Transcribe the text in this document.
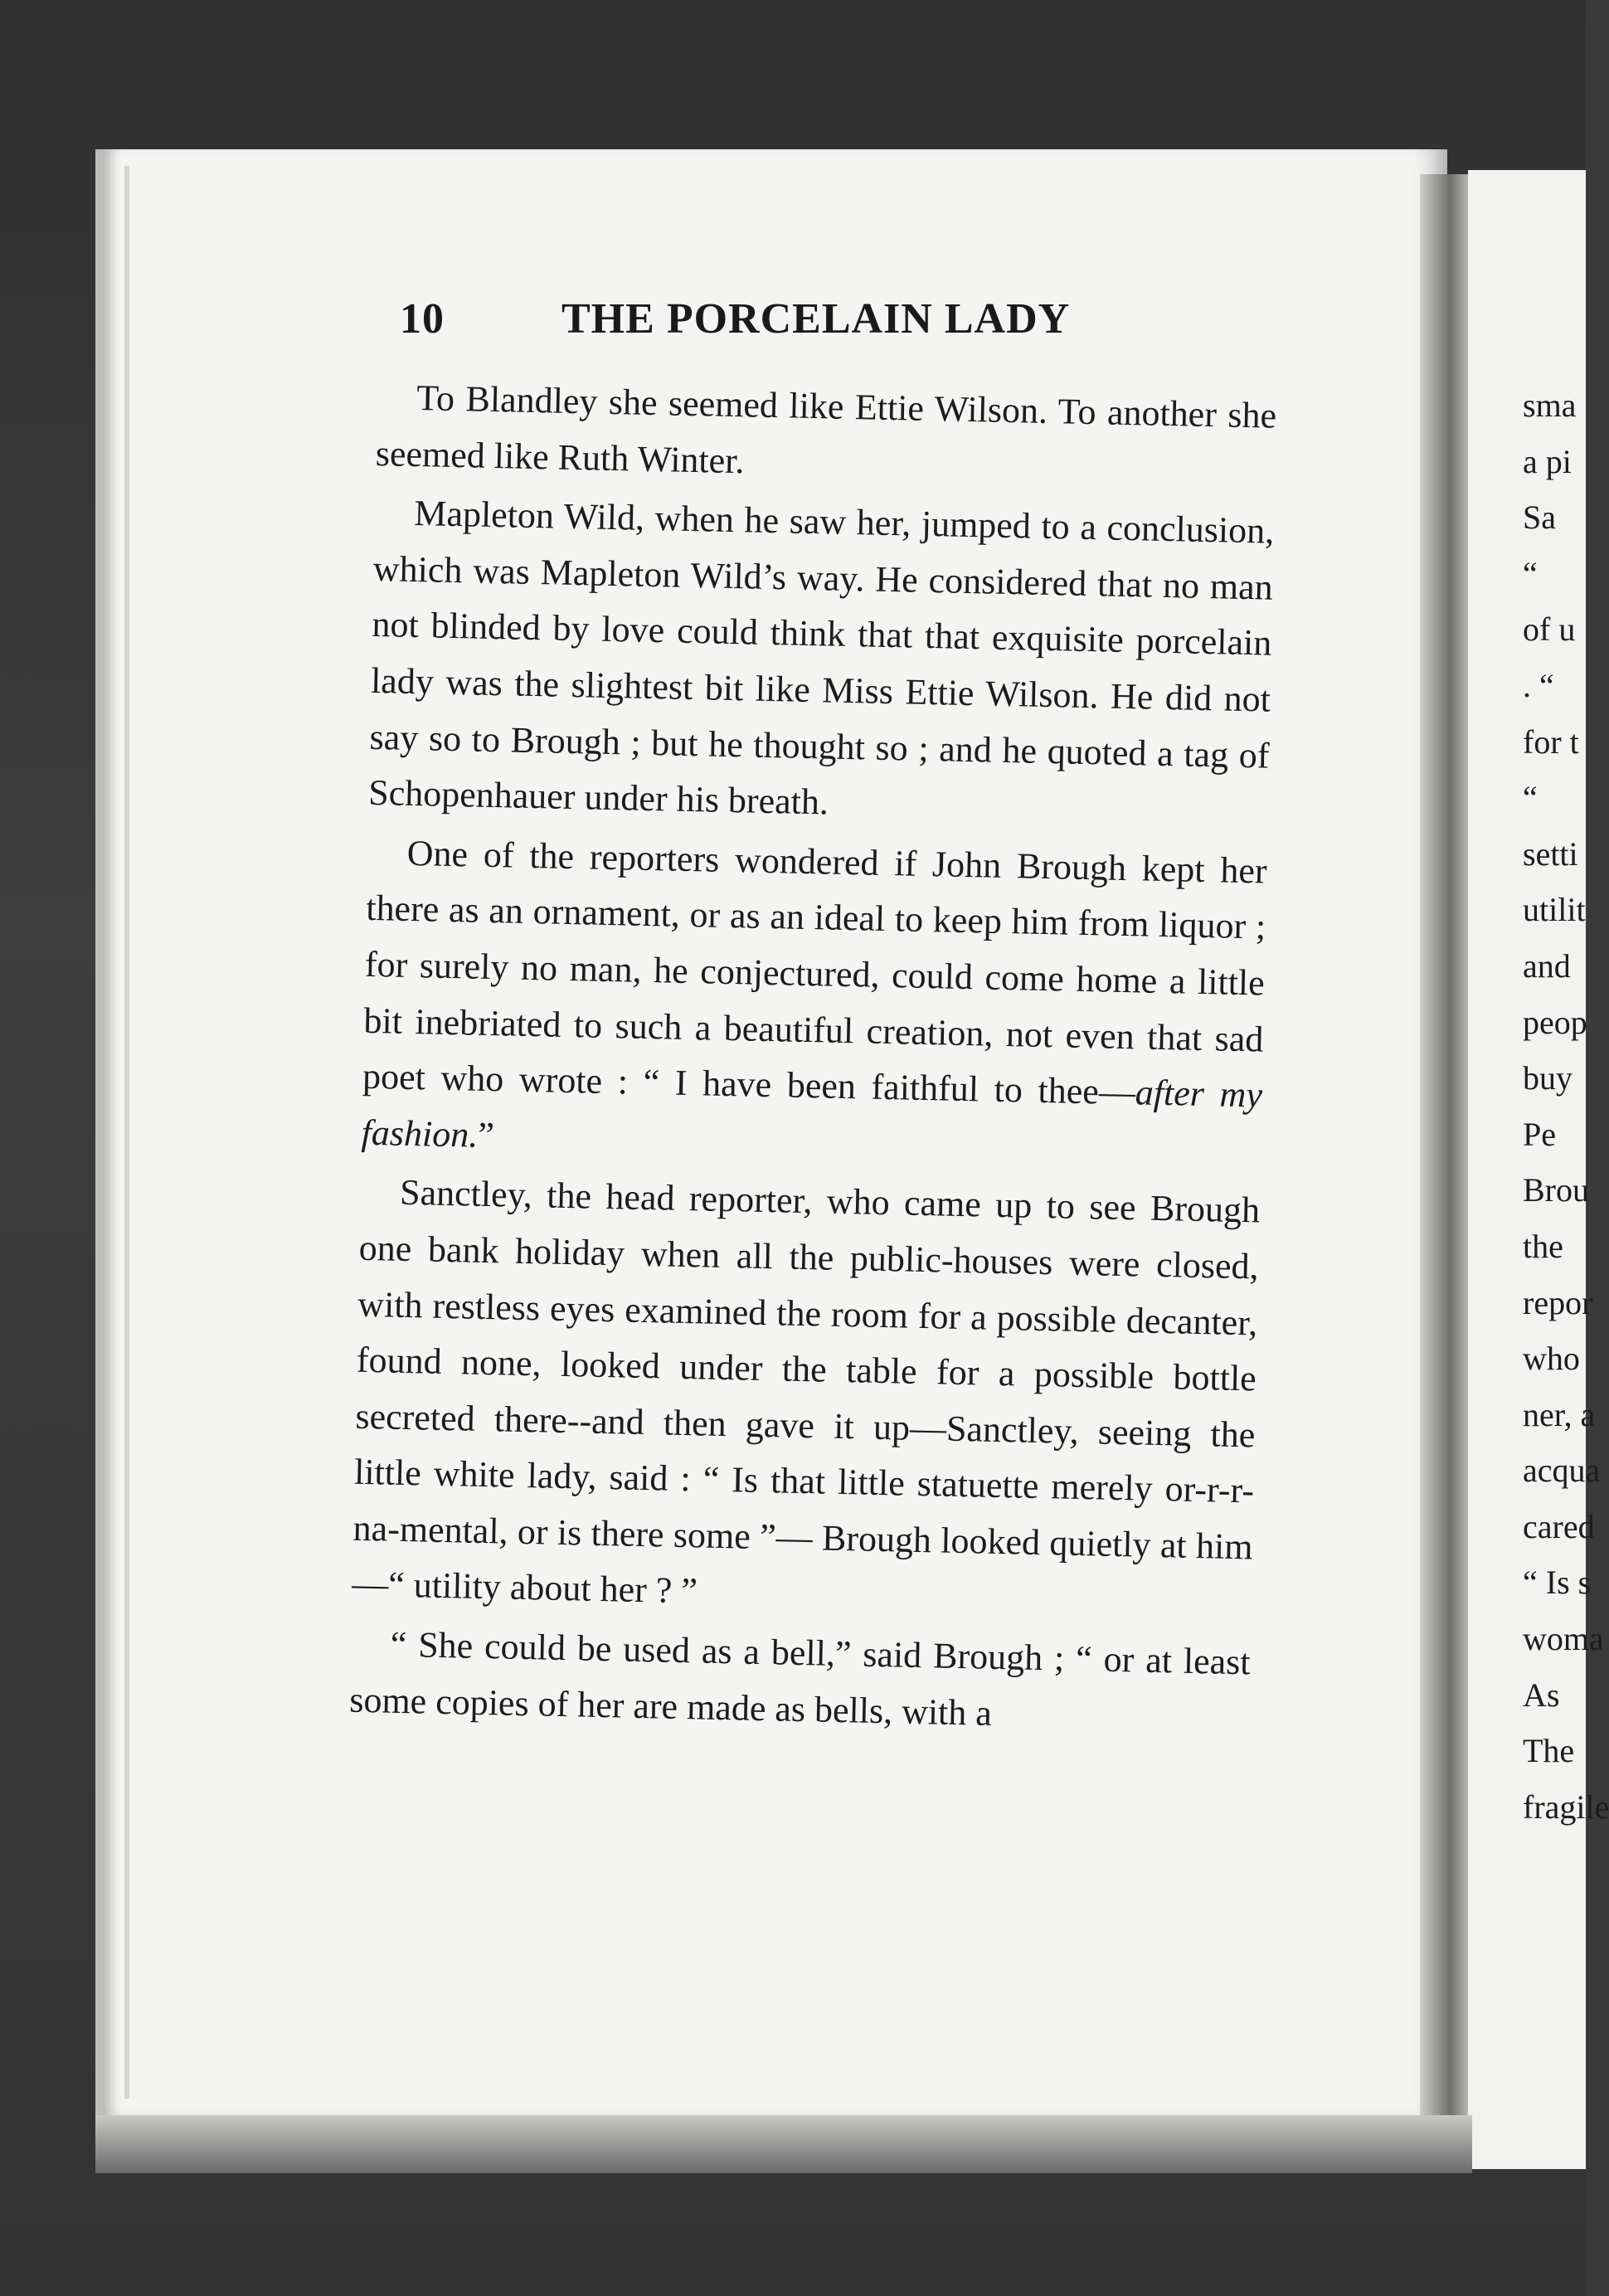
10	THE PORCELAIN LADY

To Blandley she seemed like Ettie Wilson. To another she seemed like Ruth Winter.

Mapleton Wild, when he saw her, jumped to a conclusion, which was Mapleton Wild’s way. He considered that no man not blinded by love could think that that exquisite porcelain lady was the slightest bit like Miss Ettie Wilson. He did not say so to Brough ; but he thought so ; and he quoted a tag of Schopenhauer under his breath.

One of the reporters wondered if John Brough kept her there as an ornament, or as an ideal to keep him from liquor ; for surely no man, he conjectured, could come home a little bit inebriated to such a beautiful creation, not even that sad poet who wrote : “ I have been faithful to thee—after my fashion.”

Sanctley, the head reporter, who came up to see Brough one bank holiday when all the public-houses were closed, with restless eyes examined the room for a possible decanter, found none, looked under the table for a possible bottle secreted there--and then gave it up—Sanctley, seeing the little white lady, said : “ Is that little statuette merely or-r-r-na-mental, or is there some ”— Brough looked quietly at him—“ utility about her ? ”

“ She could be used as a bell,” said Brough ; “ or at least some copies of her are made as bells, with a

sma
a pi
Sa
“
of u
. “
for t
“
setti
utilit
and
peop
buy
Pe
Brou
the
repor
who
ner, a
acqua
cared
“ Is s
woma
As
The
fragile
